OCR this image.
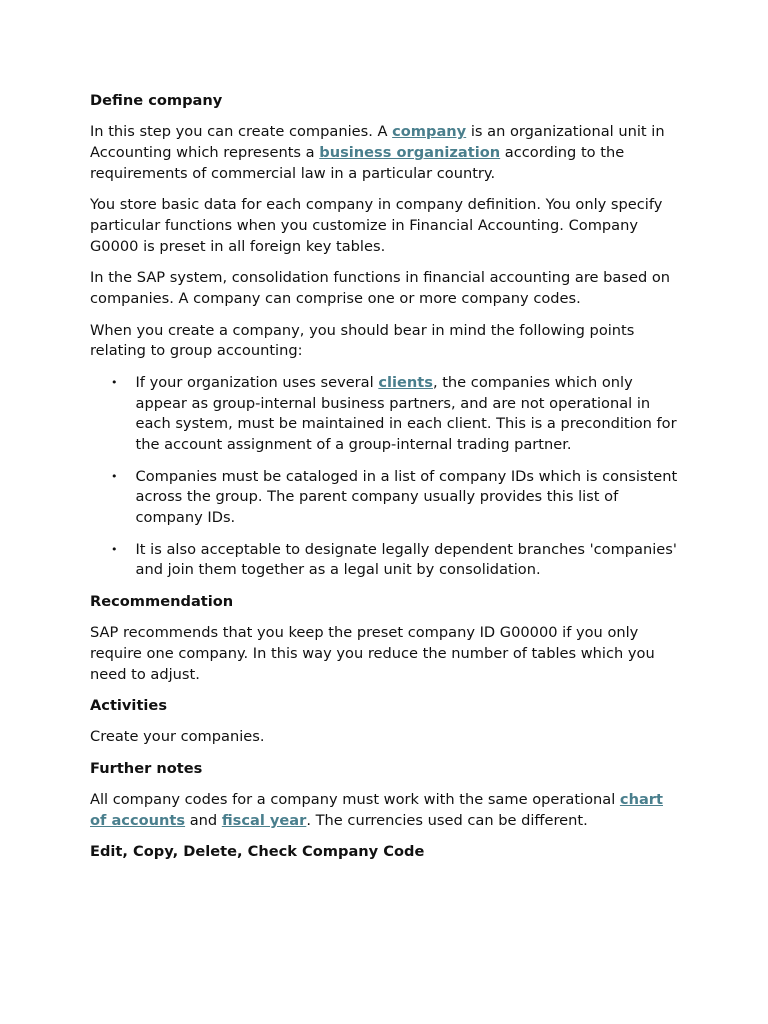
Define company

In this step you can create companies. A company is an organizational unit in Accounting which represents a business organization according to the requirements of commercial law in a particular country.

You store basic data for each company in company definition. You only specify particular functions when you customize in Financial Accounting. Company G0000 is preset in all foreign key tables.

In the SAP system, consolidation functions in financial accounting are based on companies. A company can comprise one or more company codes.

When you create a company, you should bear in mind the following points relating to group accounting:

• If your organization uses several clients, the companies which only appear as group-internal business partners, and are not operational in each system, must be maintained in each client. This is a precondition for the account assignment of a group-internal trading partner.
• Companies must be cataloged in a list of company IDs which is consistent across the group. The parent company usually provides this list of company IDs.
• It is also acceptable to designate legally dependent branches 'companies' and join them together as a legal unit by consolidation.
Recommendation

SAP recommends that you keep the preset company ID G00000 if you only require one company. In this way you reduce the number of tables which you need to adjust.

Activities

Create your companies.

Further notes

All company codes for a company must work with the same operational chart of accounts and fiscal year. The currencies used can be different.

Edit, Copy, Delete, Check Company Code
